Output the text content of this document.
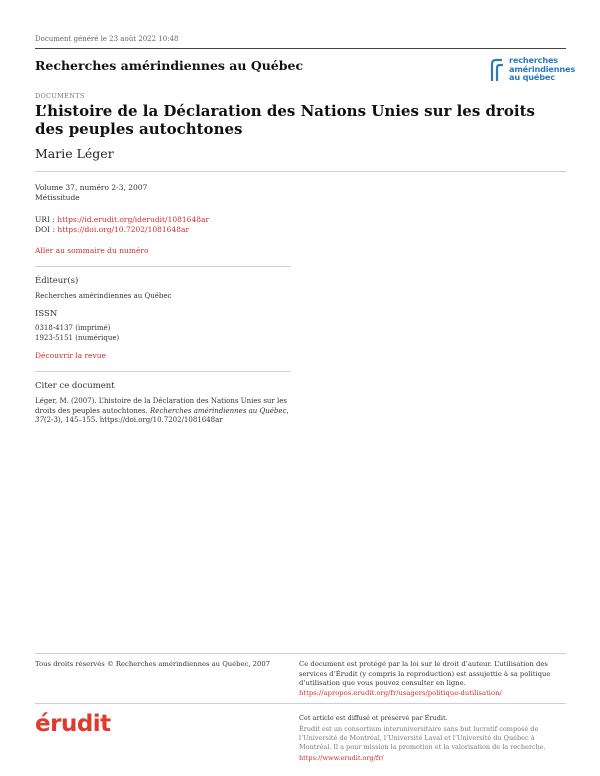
Document généré le 23 août 2022 10:48
Recherches amérindiennes au Québec	recherches
amérindiennes
au québec
DOCUMENTS
L’histoire de la Déclaration des Nations Unies sur les droits des peuples autochtones
Marie Léger
Volume 37, numéro 2-3, 2007
Métissitude
URI : https://id.erudit.org/iderudit/1081648ar
DOI : https://doi.org/10.7202/1081648ar
Aller au sommaire du numéro
Éditeur(s)
Recherches amérindiennes au Québec
ISSN
0318-4137 (imprimé)
1923-5151 (numérique)
Découvrir la revue
Citer ce document
Léger, M. (2007). L’histoire de la Déclaration des Nations Unies sur les droits des peuples autochtones. Recherches amérindiennes au Québec, 37(2-3), 145–155. https://doi.org/10.7202/1081648ar
Tous droits réservés © Recherches amérindiennes au Québec, 2007	Ce document est protégé par la loi sur le droit d’auteur. L’utilisation des services d’Érudit (y compris la reproduction) est assujettie à sa politique d’utilisation que vous pouvez consulter en ligne.
https://apropos.erudit.org/fr/usagers/politique-dutilisation/
érudit	Cet article est diffusé et préservé par Érudit.
Érudit est un consortium interuniversitaire sans but lucratif composé de l’Université de Montréal, l’Université Laval et l’Université du Québec à Montréal. Il a pour mission la promotion et la valorisation de la recherche.
https://www.erudit.org/fr/
